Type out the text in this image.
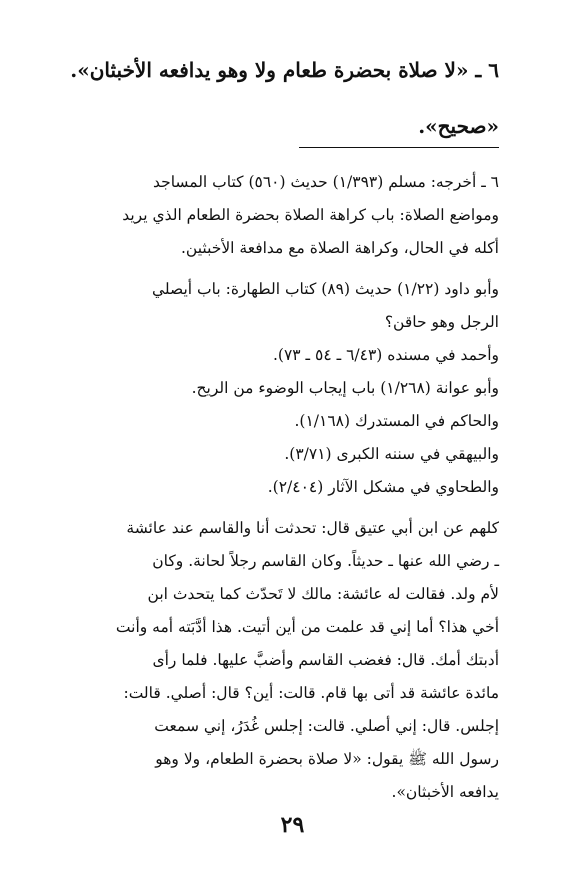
٦ ـ «لا صلاة بحضرة طعام ولا وهو يدافعه الأخبثان».

«صحيح».

٦ ـ أخرجه: مسلم (١/٣٩٣) حديث (٥٦٠) كتاب المساجد

ومواضع الصلاة: باب كراهة الصلاة بحضرة الطعام الذي يريد

أكله في الحال، وكراهة الصلاة مع مدافعة الأخبثين.

وأبو داود (١/٢٢) حديث (٨٩) كتاب الطهارة: باب أيصلي

الرجل وهو حاقن؟

وأحمد في مسنده (٦/٤٣ ـ ٥٤ ـ ٧٣).

وأبو عوانة (١/٢٦٨) باب إيجاب الوضوء من الريح.

والحاكم في المستدرك (١/١٦٨).

والبيهقي في سننه الكبرى (٣/٧١).

والطحاوي في مشكل الآثار (٢/٤٠٤).

كلهم عن ابن أبي عتيق قال: تحدثت أنا والقاسم عند عائشة

ـ رضي الله عنها ـ حديثاً. وكان القاسم رجلاً لحانة. وكان

لأم ولد. فقالت له عائشة: مالك لا تَحدّث كما يتحدث ابن

أخي هذا؟ أما إني قد علمت من أين أتيت. هذا أدَّبَته أمه وأنت

أدبتك أمك. قال: فغضب القاسم وأضبَّ عليها. فلما رأى

مائدة عائشة قد أتى بها قام. قالت: أين؟ قال: أصلي. قالت:

إجلس. قال: إني أصلي. قالت: إجلس غُدَرُ، إني سمعت

رسول الله ﷺ يقول: «لا صلاة بحضرة الطعام، ولا وهو

يدافعه الأخبثان».

٢٩
